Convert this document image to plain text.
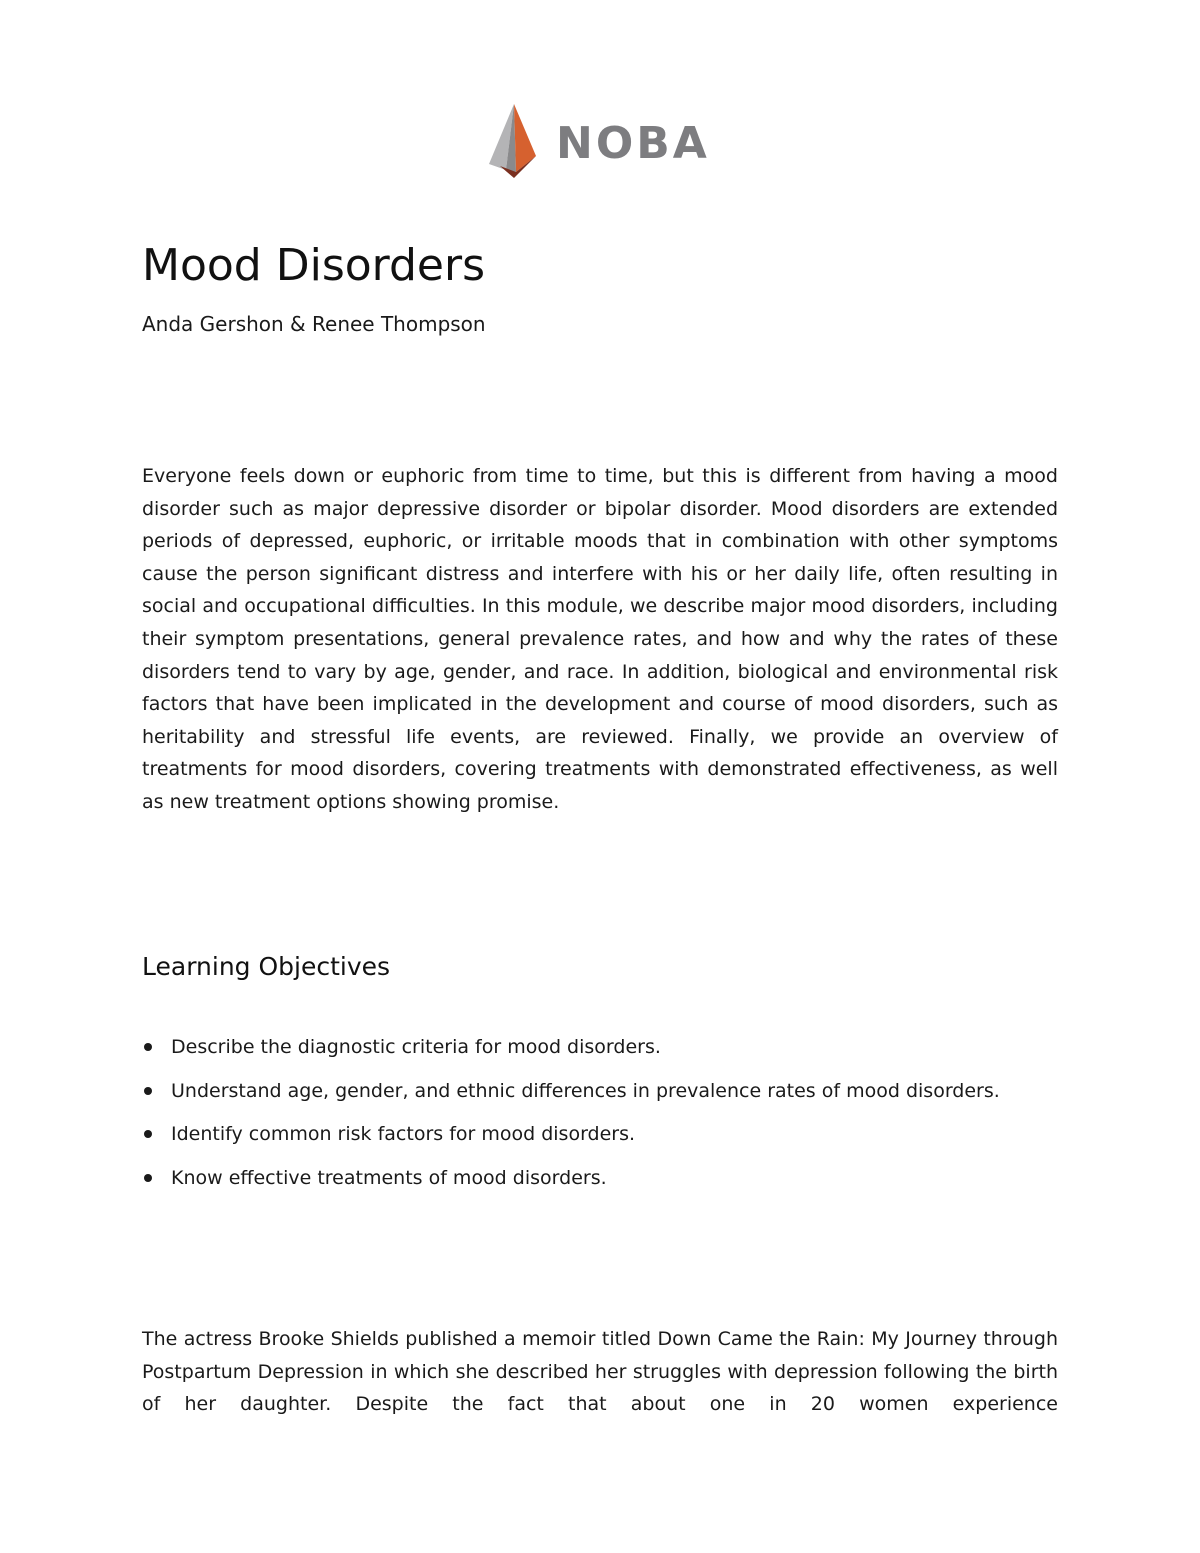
NOBA
Mood Disorders

Anda Gershon & Renee Thompson

Everyone feels down or euphoric from time to time, but this is different from having a mood disorder such as major depressive disorder or bipolar disorder. Mood disorders are extended periods of depressed, euphoric, or irritable moods that in combination with other symptoms cause the person significant distress and interfere with his or her daily life, often resulting in social and occupational difficulties. In this module, we describe major mood disorders, including their symptom presentations, general prevalence rates, and how and why the rates of these disorders tend to vary by age, gender, and race. In addition, biological and environmental risk factors that have been implicated in the development and course of mood disorders, such as heritability and stressful life events, are reviewed. Finally, we provide an overview of treatments for mood disorders, covering treatments with demonstrated effectiveness, as well as new treatment options showing promise.

Learning Objectives
Describe the diagnostic criteria for mood disorders.
Understand age, gender, and ethnic differences in prevalence rates of mood disorders.
Identify common risk factors for mood disorders.
Know effective treatments of mood disorders.

The actress Brooke Shields published a memoir titled Down Came the Rain: My Journey through Postpartum Depression in which she described her struggles with depression following the birth of her daughter. Despite the fact that about one in 20 women experience
